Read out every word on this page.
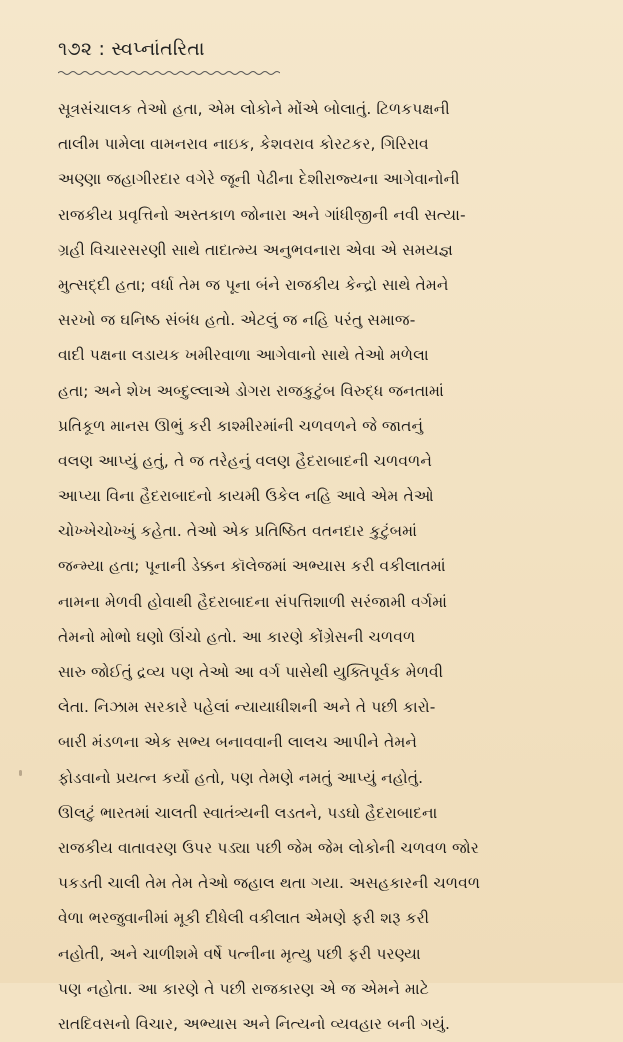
૧૭૨ : સ્વપ્નાંતરિતા
સૂત્રસંચાલક તેઓ હતા, એમ લોકોને મોંએ બોલાતું. ટિળકપક્ષની
તાલીમ પામેલા વામનરાવ નાઇક, કેશવરાવ કોરટકર, ગિરિરાવ
અણ્ણા જહાગીરદાર વગેરે જૂની પેઢીના દેશીરાજ્યના આગેવાનોની
રાજકીય પ્રવૃત્તિનો અસ્તકાળ જોનારા અને ગાંધીજીની નવી સત્યા-
ગ્રહી વિચારસરણી સાથે તાદાત્મ્ય અનુભવનારા એવા એ સમયજ્ઞ
મુત્સદ્દી હતા; વર્ધા તેમ જ પૂના બંને રાજકીય કેન્દ્રો સાથે તેમને
સરખો જ ઘનિષ્ઠ સંબંધ હતો. એટલું જ નહિ પરંતુ સમાજ-
વાદી પક્ષના લડાયક ખમીરવાળા આગેવાનો સાથે તેઓ મળેલા
હતા; અને શેખ અબ્દુલ્લાએ ડોગરા રાજકુટુંબ વિરુદ્ધ જનતામાં
પ્રતિકૂળ માનસ ઊભું કરી કાશ્મીરમાંની ચળવળને જે જાતનું
વલણ આપ્યું હતું, તે જ તરેહનું વલણ હૈદરાબાદની ચળવળને
આપ્યા વિના હૈદરાબાદનો કાયમી ઉકેલ નહિ આવે એમ તેઓ
ચોખ્ખેચોખ્ખું કહેતા. તેઓ એક પ્રતિષ્ઠિત વતનદાર કુટુંબમાં
જન્મ્યા હતા; પૂનાની ડેક્કન કૉલેજમાં અભ્યાસ કરી વકીલાતમાં
નામના મેળવી હોવાથી હૈદરાબાદના સંપત્તિશાળી સરંજામી વર્ગમાં
તેમનો મોભો ઘણો ઊંચો હતો. આ કારણે કોંગ્રેસની ચળવળ
સારુ જોઈતું દ્રવ્ય પણ તેઓ આ વર્ગ પાસેથી યુક્તિપૂર્વક મેળવી
લેતા. નિઝામ સરકારે પહેલાં ન્યાયાધીશની અને તે પછી કારો-
બારી મંડળના એક સભ્ય બનાવવાની લાલચ આપીને તેમને
ફોડવાનો પ્રયત્ન કર્યો હતો, પણ તેમણે નમતું આપ્યું નહોતું.
ઊલટું ભારતમાં ચાલતી સ્વાતંત્ર્યની લડતને, પડઘો હૈદરાબાદના
રાજકીય વાતાવરણ ઉપર પડ્યા પછી જેમ જેમ લોકોની ચળવળ જોર
પકડતી ચાલી તેમ તેમ તેઓ જહાલ થતા ગયા. અસહકારની ચળવળ
વેળા ભરજુવાનીમાં મૂકી દીધેલી વકીલાત એમણે ફરી શરૂ કરી
નહોતી, અને ચાળીશમે વર્ષે પત્નીના મૃત્યુ પછી ફરી પરણ્યા
પણ નહોતા. આ કારણે તે પછી રાજકારણ એ જ એમને માટે
રાતદિવસનો વિચાર, અભ્યાસ અને નિત્યનો વ્યવહાર બની ગયું.
